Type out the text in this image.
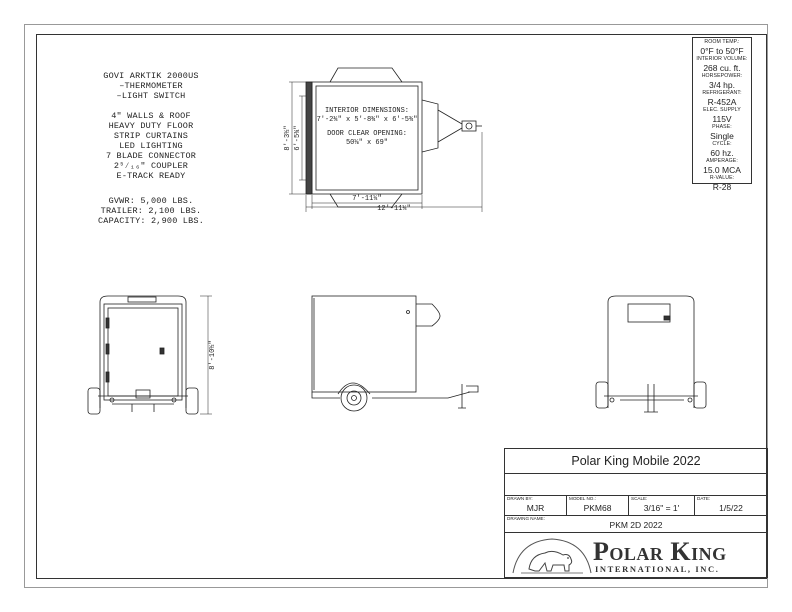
GOVI ARKTIK 2000US
–THERMOMETER
–LIGHT SWITCH

4" WALLS & ROOF
HEAVY DUTY FLOOR
STRIP CURTAINS
LED LIGHTING
7 BLADE CONNECTOR
2⁵⁄₁₆" COUPLER
E-TRACK READY
GVWR: 5,000 LBS.
TRAILER: 2,100 LBS.
CAPACITY: 2,900 LBS.
ROOM TEMP.:
0°F to 50°F
INTERIOR VOLUME:
268 cu. ft.
HORSEPOWER:
3/4 hp.
REFRIGERANT:
R-452A
ELEC. SUPPLY
115V
PHASE:
Single
CYCLE:
60 hz.
AMPERAGE:
15.0 MCA
R-VALUE:
R-28
INTERIOR DIMENSIONS:
7'-2¾" x 5'-8¾" x 6'-5¾"
DOOR CLEAR OPENING:
50⅛" x 69"
8'-3½" 6'-5¾"
7'-11¼"
12'-11¼"
8'-10½"
Polar King Mobile 2022
DRAWN BY:
MJR
MODEL NO.:
PKM68
SCALE:
3/16" = 1'
DATE:
1/5/22
DRAWING NAME:
PKM 2D 2022
Polar King
INTERNATIONAL, INC.
